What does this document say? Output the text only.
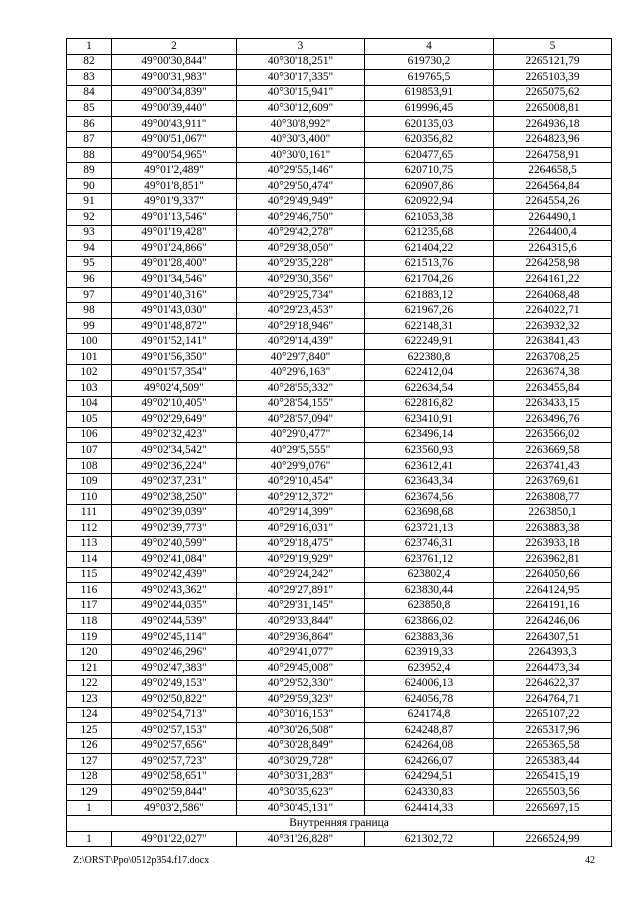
1	2	3	4	5
82	49°00'30,844"	40°30'18,251"	619730,2	2265121,79
83	49°00'31,983"	40°30'17,335"	619765,5	2265103,39
84	49°00'34,839"	40°30'15,941"	619853,91	2265075,62
85	49°00'39,440"	40°30'12,609"	619996,45	2265008,81
86	49°00'43,911"	40°30'8,992"	620135,03	2264936,18
87	49°00'51,067"	40°30'3,400"	620356,82	2264823,96
88	49°00'54,965"	40°30'0,161"	620477,65	2264758,91
89	49°01'2,489"	40°29'55,146"	620710,75	2264658,5
90	49°01'8,851"	40°29'50,474"	620907,86	2264564,84
91	49°01'9,337"	40°29'49,949"	620922,94	2264554,26
92	49°01'13,546"	40°29'46,750"	621053,38	2264490,1
93	49°01'19,428"	40°29'42,278"	621235,68	2264400,4
94	49°01'24,866"	40°29'38,050"	621404,22	2264315,6
95	49°01'28,400"	40°29'35,228"	621513,76	2264258,98
96	49°01'34,546"	40°29'30,356"	621704,26	2264161,22
97	49°01'40,316"	40°29'25,734"	621883,12	2264068,48
98	49°01'43,030"	40°29'23,453"	621967,26	2264022,71
99	49°01'48,872"	40°29'18,946"	622148,31	2263932,32
100	49°01'52,141"	40°29'14,439"	622249,91	2263841,43
101	49°01'56,350"	40°29'7,840"	622380,8	2263708,25
102	49°01'57,354"	40°29'6,163"	622412,04	2263674,38
103	49°02'4,509"	40°28'55,332"	622634,54	2263455,84
104	49°02'10,405"	40°28'54,155"	622816,82	2263433,15
105	49°02'29,649"	40°28'57,094"	623410,91	2263496,76
106	49°02'32,423"	40°29'0,477"	623496,14	2263566,02
107	49°02'34,542"	40°29'5,555"	623560,93	2263669,58
108	49°02'36,224"	40°29'9,076"	623612,41	2263741,43
109	49°02'37,231"	40°29'10,454"	623643,34	2263769,61
110	49°02'38,250"	40°29'12,372"	623674,56	2263808,77
111	49°02'39,039"	40°29'14,399"	623698,68	2263850,1
112	49°02'39,773"	40°29'16,031"	623721,13	2263883,38
113	49°02'40,599"	40°29'18,475"	623746,31	2263933,18
114	49°02'41,084"	40°29'19,929"	623761,12	2263962,81
115	49°02'42,439"	40°29'24,242"	623802,4	2264050,66
116	49°02'43,362"	40°29'27,891"	623830,44	2264124,95
117	49°02'44,035"	40°29'31,145"	623850,8	2264191,16
118	49°02'44,539"	40°29'33,844"	623866,02	2264246,06
119	49°02'45,114"	40°29'36,864"	623883,36	2264307,51
120	49°02'46,296"	40°29'41,077"	623919,33	2264393,3
121	49°02'47,383"	40°29'45,008"	623952,4	2264473,34
122	49°02'49,153"	40°29'52,330"	624006,13	2264622,37
123	49°02'50,822"	40°29'59,323"	624056,78	2264764,71
124	49°02'54,713"	40°30'16,153"	624174,8	2265107,22
125	49°02'57,153"	40°30'26,508"	624248,87	2265317,96
126	49°02'57,656"	40°30'28,849"	624264,08	2265365,58
127	49°02'57,723"	40°30'29,728"	624266,07	2265383,44
128	49°02'58,651"	40°30'31,283"	624294,51	2265415,19
129	49°02'59,844"	40°30'35,623"	624330,83	2265503,56
1	49°03'2,586"	40°30'45,131"	624414,33	2265697,15
Внутренняя граница				
1	49°01'22,027"	40°31'26,828"	621302,72	2266524,99
Z:\ORST\Ppo\0512p354.f17.docx	42
